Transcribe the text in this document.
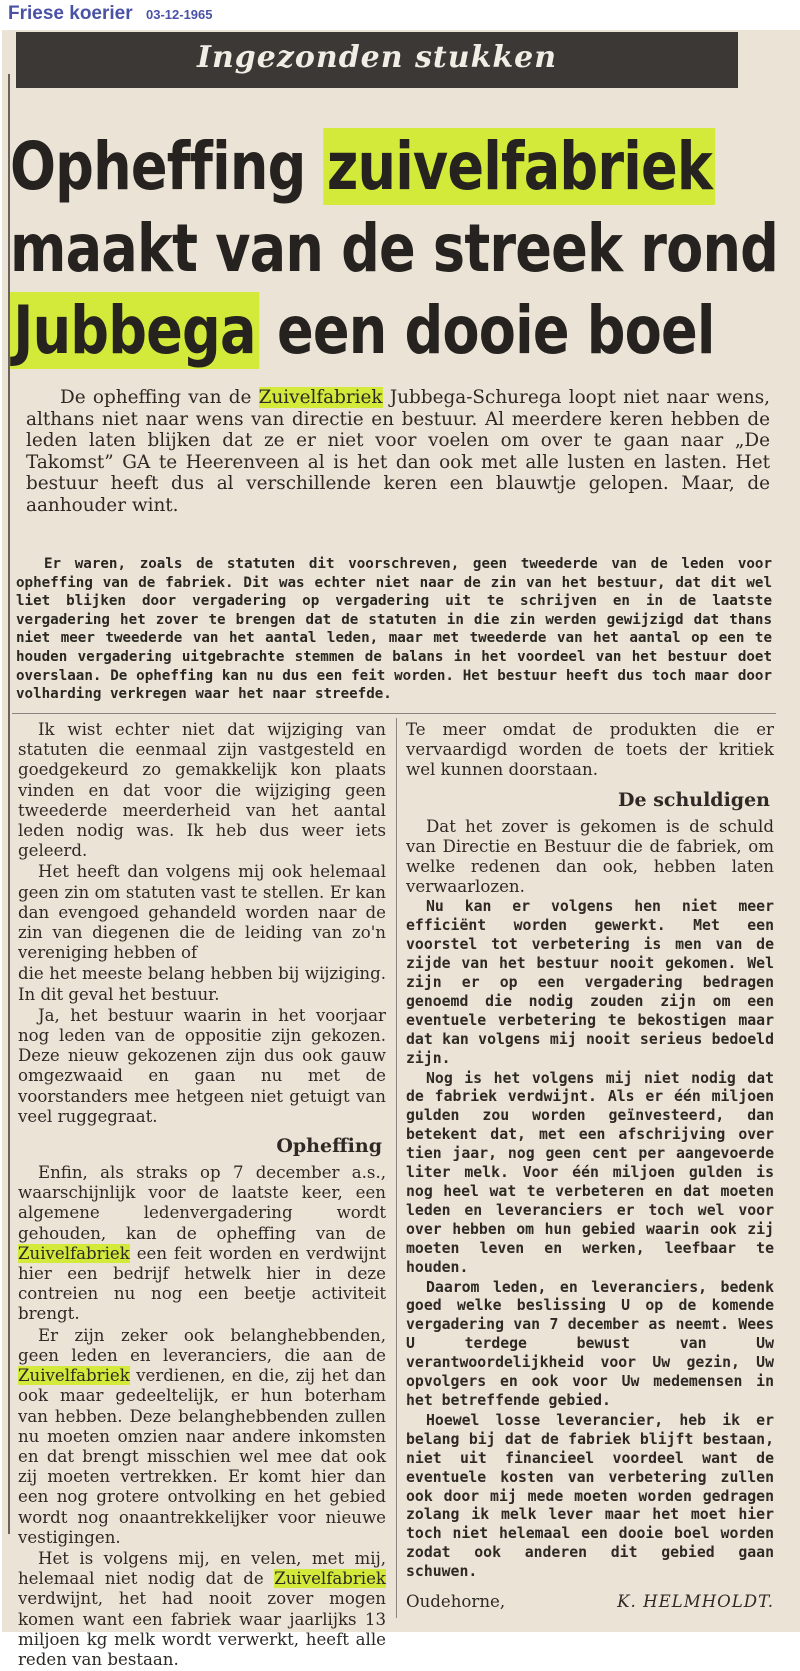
Friese koerier 03-12-1965
Ingezonden stukken
Opheffing zuivelfabriek
maakt van de streek rond
Jubbega een dooie boel

De opheffing van de Zuivelfabriek Jubbega-Schurega loopt niet naar wens, althans niet naar wens van directie en bestuur. Al meerdere keren hebben de leden laten blijken dat ze er niet voor voelen om over te gaan naar „De Takomst” GA te Heerenveen al is het dan ook met alle lusten en lasten. Het bestuur heeft dus al verschillende keren een blauwtje gelopen. Maar, de aanhouder wint.

Er waren, zoals de statuten dit voorschreven, geen tweederde van de leden voor opheffing van de fabriek. Dit was echter niet naar de zin van het bestuur, dat dit wel liet blijken door vergadering op vergadering uit te schrijven en in de laatste vergadering het zover te brengen dat de statuten in die zin werden gewijzigd dat thans niet meer tweederde van het aantal leden, maar met tweederde van het aantal op een te houden vergadering uitgebrachte stemmen de balans in het voordeel van het bestuur doet overslaan. De opheffing kan nu dus een feit worden. Het bestuur heeft dus toch maar door volharding verkregen waar het naar streefde.

Ik wist echter niet dat wijziging van statuten die eenmaal zijn vastgesteld en goedgekeurd zo gemakkelijk kon plaats vinden en dat voor die wijziging geen tweederde meerderheid van het aantal leden nodig was. Ik heb dus weer iets geleerd.

Het heeft dan volgens mij ook helemaal geen zin om statuten vast te stellen. Er kan dan evengoed gehandeld worden naar de zin van diegenen die de leiding van zo'n vereniging hebben of

die het meeste belang hebben bij wijziging. In dit geval het bestuur.

Ja, het bestuur waarin in het voorjaar nog leden van de oppositie zijn gekozen. Deze nieuw gekozenen zijn dus ook gauw omgezwaaid en gaan nu met de voorstanders mee hetgeen niet getuigt van veel ruggegraat.

Opheffing

Enfin, als straks op 7 december a.s., waarschijnlijk voor de laatste keer, een algemene ledenvergadering wordt gehouden, kan de opheffing van de Zuivelfabriek een feit worden en verdwijnt hier een bedrijf hetwelk hier in deze contreien nu nog een beetje activiteit brengt.

Er zijn zeker ook belanghebbenden, geen leden en leveranciers, die aan de Zuivelfabriek verdienen, en die, zij het dan ook maar gedeeltelijk, er hun boterham van hebben. Deze belanghebbenden zullen nu moeten omzien naar andere inkomsten en dat brengt misschien wel mee dat ook zij moeten vertrekken. Er komt hier dan een nog grotere ontvolking en het gebied wordt nog onaantrekkelijker voor nieuwe vestigingen.

Het is volgens mij, en velen, met mij, helemaal niet nodig dat de Zuivelfabriek verdwijnt, het had nooit zover mogen komen want een fabriek waar jaarlijks 13 miljoen kg melk wordt verwerkt, heeft alle reden van bestaan.

Te meer omdat de produkten die er vervaardigd worden de toets der kritiek wel kunnen doorstaan.

De schuldigen

Dat het zover is gekomen is de schuld van Directie en Bestuur die de fabriek, om welke redenen dan ook, hebben laten verwaarlozen.

Nu kan er volgens hen niet meer efficiënt worden gewerkt. Met een voorstel tot verbetering is men van de zijde van het bestuur nooit gekomen. Wel zijn er op een vergadering bedragen genoemd die nodig zouden zijn om een eventuele verbetering te bekostigen maar dat kan volgens mij nooit serieus bedoeld zijn.

Nog is het volgens mij niet nodig dat de fabriek verdwijnt. Als er één miljoen gulden zou worden geïnvesteerd, dan betekent dat, met een afschrijving over tien jaar, nog geen cent per aangevoerde liter melk. Voor één miljoen gulden is nog heel wat te verbeteren en dat moeten leden en leveranciers er toch wel voor over hebben om hun gebied waarin ook zij moeten leven en werken, leefbaar te houden.

Daarom leden, en leveranciers, bedenk goed welke beslissing U op de komende vergadering van 7 december as neemt. Wees U terdege bewust van Uw verantwoordelijkheid voor Uw gezin, Uw opvolgers en ook voor Uw medemensen in het betreffende gebied.

Hoewel losse leverancier, heb ik er belang bij dat de fabriek blijft bestaan, niet uit financieel voordeel want de eventuele kosten van verbetering zullen ook door mij mede moeten worden gedragen zolang ik melk lever maar het moet hier toch niet helemaal een dooie boel worden zodat ook anderen dit gebied gaan schuwen.

Oudehorne,	K. HELMHOLDT.
